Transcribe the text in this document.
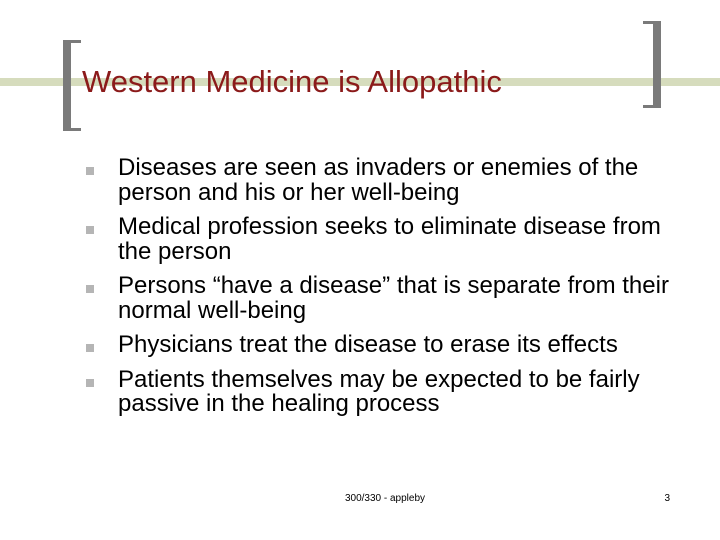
Western Medicine is Allopathic
Diseases are seen as invaders or enemies of the person and his or her well-being
Medical profession seeks to eliminate disease from the person
Persons “have a disease” that is separate from their normal well-being
Physicians treat the disease to erase its effects
Patients themselves may be expected to be fairly passive in the healing process
300/330 - appleby	3
